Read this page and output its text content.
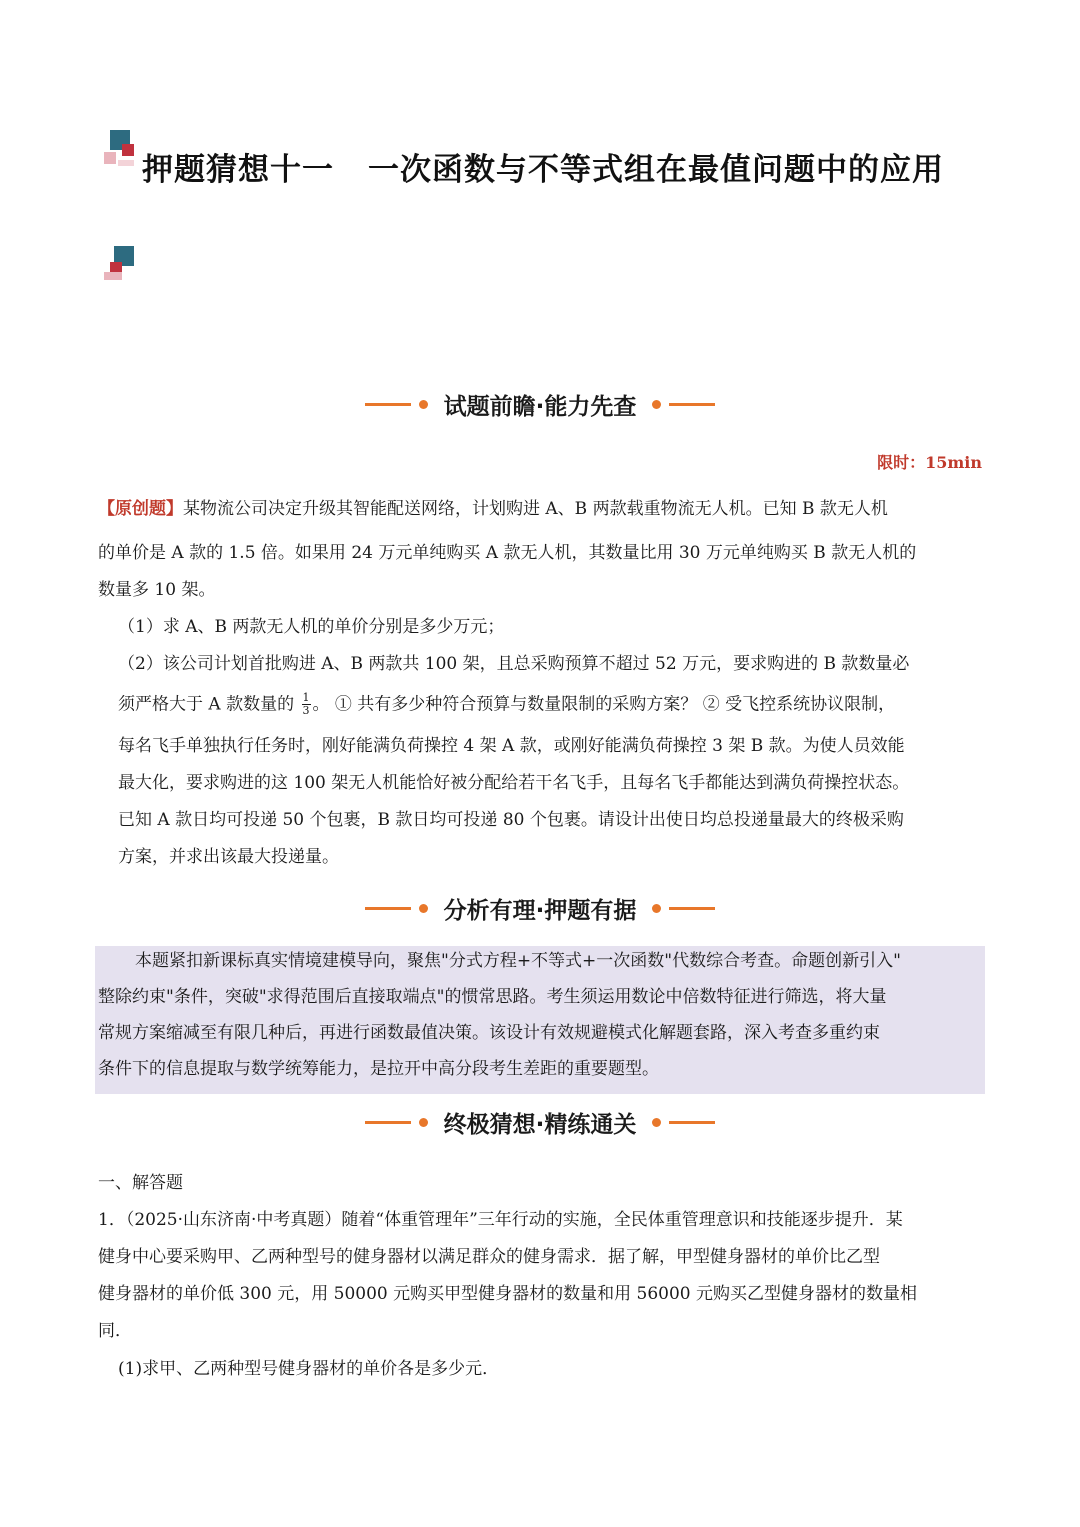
押题猜想十一 一次函数与不等式组在最值问题中的应用
试题前瞻·能力先查
限时：15min
【原创题】某物流公司决定升级其智能配送网络，计划购进 A、B 两款载重物流无人机。已知 B 款无人机
的单价是 A 款的 1.5 倍。如果用 24 万元单纯购买 A 款无人机，其数量比用 30 万元单纯购买 B 款无人机的
数量多 10 架。
（1）求 A、B 两款无人机的单价分别是多少万元；
（2）该公司计划首批购进 A、B 两款共 100 架，且总采购预算不超过 52 万元，要求购进的 B 款数量必
须严格大于 A 款数量的 $\frac{1}{3}$ 。 ① 共有多少种符合预算与数量限制的采购方案？ ② 受飞控系统协议限制，
每名飞手单独执行任务时，刚好能满负荷操控 4 架 A 款，或刚好能满负荷操控 3 架 B 款。为使人员效能
最大化，要求购进的这 100 架无人机能恰好被分配给若干名飞手，且每名飞手都能达到满负荷操控状态。
已知 A 款日均可投递 50 个包裹，B 款日均可投递 80 个包裹。请设计出使日均总投递量最大的终极采购
方案，并求出该最大投递量。
分析有理·押题有据
本题紧扣新课标真实情境建模导向，聚焦"分式方程+不等式+一次函数"代数综合考查。命题创新引入"
整除约束"条件，突破"求得范围后直接取端点"的惯常思路。考生须运用数论中倍数特征进行筛选，将大量
常规方案缩减至有限几种后，再进行函数最值决策。该设计有效规避模式化解题套路，深入考查多重约束
条件下的信息提取与数学统筹能力，是拉开中高分段考生差距的重要题型。
终极猜想·精练通关
一、解答题
1．（2025·山东济南·中考真题）随着“体重管理年”三年行动的实施，全民体重管理意识和技能逐步提升．某
健身中心要采购甲、乙两种型号的健身器材以满足群众的健身需求．据了解，甲型健身器材的单价比乙型
健身器材的单价低 300 元，用 50000 元购买甲型健身器材的数量和用 56000 元购买乙型健身器材的数量相
同．
(1)求甲、乙两种型号健身器材的单价各是多少元．
